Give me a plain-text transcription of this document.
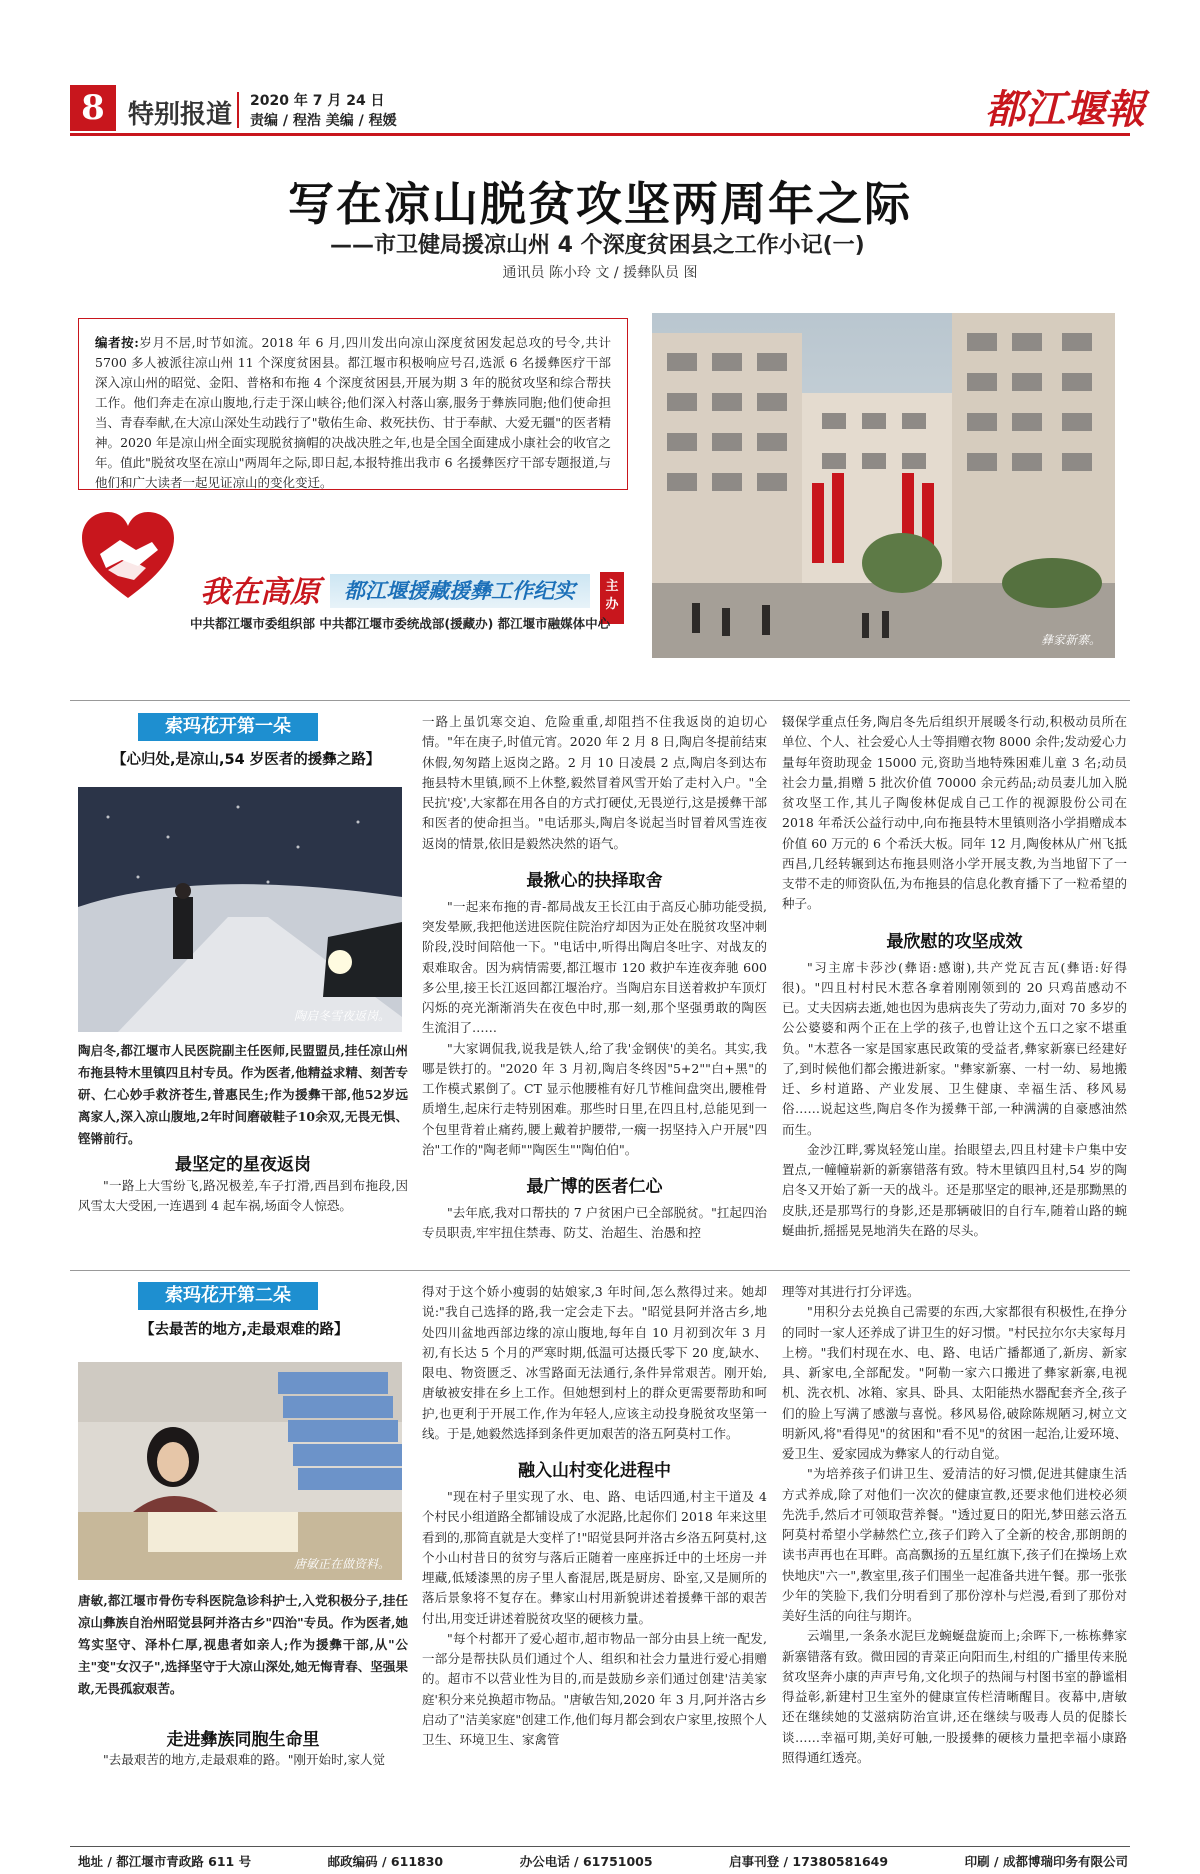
8 特别报道 2020 年 7 月 24 日
责编 / 程浩 美编 / 程媛	都江堰報
写在凉山脱贫攻坚两周年之际
——市卫健局援凉山州 4 个深度贫困县之工作小记(一)
通讯员 陈小玲 文 / 援彝队员 图
编者按:岁月不居,时节如流。2018 年 6 月,四川发出向凉山深度贫困发起总攻的号令,共计 5700 多人被派往凉山州 11 个深度贫困县。都江堰市积极响应号召,选派 6 名援彝医疗干部深入凉山州的昭觉、金阳、普格和布拖 4 个深度贫困县,开展为期 3 年的脱贫攻坚和综合帮扶工作。他们奔走在凉山腹地,行走于深山峡谷;他们深入村落山寨,服务于彝族同胞;他们使命担当、青春奉献,在大凉山深处生动践行了"敬佑生命、救死扶伤、甘于奉献、大爱无疆"的医者精神。2020 年是凉山州全面实现脱贫摘帽的决战决胜之年,也是全国全面建成小康社会的收官之年。值此"脱贫攻坚在凉山"两周年之际,即日起,本报特推出我市 6 名援彝医疗干部专题报道,与他们和广大读者一起见证凉山的变化变迁。
我在高原	都江堰援藏援彝工作纪实	主办
中共都江堰市委组织部 中共都江堰市委统战部(援藏办) 都江堰市融媒体中心
彝家新寨。
索玛花开第一朵
【心归处,是凉山,54 岁医者的援彝之路】
陶启冬雪夜返岗。
陶启冬,都江堰市人民医院副主任医师,民盟盟员,挂任凉山州布拖县特木里镇四且村专员。作为医者,他精益求精、刻苦专研、仁心妙手救济苍生,普惠民生;作为援彝干部,他52岁远离家人,深入凉山腹地,2年时间磨破鞋子10余双,无畏无惧、铿锵前行。
最坚定的星夜返岗

"一路上大雪纷飞,路况极差,车子打滑,西昌到布拖段,因风雪太大受困,一连遇到 4 起车祸,场面令人惊恐。

一路上虽饥寒交迫、危险重重,却阻挡不住我返岗的迫切心情。"年在庚子,时值元宵。2020 年 2 月 8 日,陶启冬提前结束休假,匆匆踏上返岗之路。2 月 10 日凌晨 2 点,陶启冬到达布拖县特木里镇,顾不上休整,毅然冒着风雪开始了走村入户。"全民抗'疫',大家都在用各自的方式打硬仗,无畏逆行,这是援彝干部和医者的使命担当。"电话那头,陶启冬说起当时冒着风雪连夜返岗的情景,依旧是毅然决然的语气。

最揪心的抉择取舍

"一起来布拖的青-都局战友王长江由于高反心肺功能受损,突发晕厥,我把他送进医院住院治疗却因为正处在脱贫攻坚冲刺阶段,没时间陪他一下。"电话中,听得出陶启冬吐字、对战友的艰难取舍。因为病情需要,都江堰市 120 救护车连夜奔驰 600 多公里,接王长江返回都江堰治疗。当陶启东目送着救护车顶灯闪烁的亮光渐渐消失在夜色中时,那一刻,那个坚强勇敢的陶医生流泪了……

"大家调侃我,说我是铁人,给了我'金钢侠'的美名。其实,我哪是铁打的。"2020 年 3 月初,陶启冬终因"5+2""白+黑"的工作模式累倒了。CT 显示他腰椎有好几节椎间盘突出,腰椎骨质增生,起床行走特别困难。那些时日里,在四且村,总能见到一个包里背着止痛药,腰上戴着护腰带,一瘸一拐坚持入户开展"四治"工作的"陶老师""陶医生""陶伯伯"。

最广博的医者仁心

"去年底,我对口帮扶的 7 户贫困户已全部脱贫。"扛起四治专员职责,牢牢扭住禁毒、防艾、治超生、治愚和控

辍保学重点任务,陶启冬先后组织开展暖冬行动,积极动员所在单位、个人、社会爱心人士等捐赠衣物 8000 余件;发动爱心力量每年资助现金 15000 元,资助当地特殊困难儿童 3 名;动员社会力量,捐赠 5 批次价值 70000 余元药品;动员妻儿加入脱贫攻坚工作,其儿子陶俊林促成自己工作的视源股份公司在 2018 年希沃公益行动中,向布拖县特木里镇则洛小学捐赠成本价值 60 万元的 6 个希沃大板。同年 12 月,陶俊林从广州飞抵西昌,几经转辗到达布拖县则洛小学开展支教,为当地留下了一支带不走的师资队伍,为布拖县的信息化教育播下了一粒希望的种子。

最欣慰的攻坚成效

"习主席卡莎沙(彝语:感谢),共产党瓦吉瓦(彝语:好得很)。"四且村村民木惹各拿着刚刚领到的 20 只鸡苗感动不已。丈夫因病去逝,她也因为患病丧失了劳动力,面对 70 多岁的公公婆婆和两个正在上学的孩子,也曾让这个五口之家不堪重负。"木惹各一家是国家惠民政策的受益者,彝家新寨已经建好了,到时候他们都会搬进新家。"彝家新寨、一村一幼、易地搬迁、乡村道路、产业发展、卫生健康、幸福生活、移风易俗……说起这些,陶启冬作为援彝干部,一种满满的自豪感油然而生。

金沙江畔,雾岚轻笼山崖。抬眼望去,四且村建卡户集中安置点,一幢幢崭新的新寨错落有致。特木里镇四且村,54 岁的陶启冬又开始了新一天的战斗。还是那坚定的眼神,还是那黝黑的皮肤,还是那骂行的身影,还是那辆破旧的自行车,随着山路的蜿蜒曲折,摇摇晃晃地消失在路的尽头。

索玛花开第二朵
【去最苦的地方,走最艰难的路】
唐敏正在做资料。
唐敏,都江堰市骨伤专科医院急诊科护士,入党积极分子,挂任凉山彝族自治州昭觉县阿并洛古乡"四治"专员。作为医者,她笃实坚守、泽朴仁厚,视患者如亲人;作为援彝干部,从"公主"变"女汉子",选择坚守于大凉山深处,她无悔青春、坚强果敢,无畏孤寂艰苦。
走进彝族同胞生命里

"去最艰苦的地方,走最艰难的路。"刚开始时,家人觉

得对于这个娇小瘦弱的姑娘家,3 年时间,怎么熬得过来。她却说:"我自己选择的路,我一定会走下去。"昭觉县阿并洛古乡,地处四川盆地西部边缘的凉山腹地,每年自 10 月初到次年 3 月初,有长达 5 个月的严寒时期,低温可达摄氏零下 20 度,缺水、限电、物资匮乏、冰雪路面无法通行,条件异常艰苦。刚开始,唐敏被安排在乡上工作。但她想到村上的群众更需要帮助和呵护,也更利于开展工作,作为年轻人,应该主动投身脱贫攻坚第一线。于是,她毅然选择到条件更加艰苦的洛五阿莫村工作。

融入山村变化进程中

"现在村子里实现了水、电、路、电话四通,村主干道及 4 个村民小组道路全都铺设成了水泥路,比起你们 2018 年来这里看到的,那简直就是大变样了!"昭觉县阿并洛古乡洛五阿莫村,这个小山村昔日的贫穷与落后正随着一座座拆迁中的土坯房一并埋藏,低矮漆黑的房子里人畜混居,既是厨房、卧室,又是厕所的落后景象将不复存在。彝家山村用新貌讲述着援彝干部的艰苦付出,用变迁讲述着脱贫攻坚的硬核力量。

"每个村都开了爱心超市,超市物品一部分由县上统一配发,一部分是帮扶队员们通过个人、组织和社会力量进行爱心捐赠的。超市不以营业性为目的,而是鼓励乡亲们通过创建'洁美家庭'积分来兑换超市物品。"唐敏告知,2020 年 3 月,阿并洛古乡启动了"洁美家庭"创建工作,他们每月都会到农户家里,按照个人卫生、环境卫生、家禽管

理等对其进行打分评选。

"用积分去兑换自己需要的东西,大家都很有积极性,在挣分的同时一家人还养成了讲卫生的好习惯。"村民拉尔尔夫家每月上榜。"我们村现在水、电、路、电话广播都通了,新房、新家具、新家电,全部配发。"阿勒一家六口搬进了彝家新寨,电视机、洗衣机、冰箱、家具、卧具、太阳能热水器配套齐全,孩子们的脸上写满了感激与喜悦。移风易俗,破除陈规陋习,树立文明新风,将"看得见"的贫困和"看不见"的贫困一起治,让爱环境、爱卫生、爱家园成为彝家人的行动自觉。

"为培养孩子们讲卫生、爱清洁的好习惯,促进其健康生活方式养成,除了对他们一次次的健康宣教,还要求他们进校必须先洗手,然后才可领取营养餐。"透过夏日的阳光,梦田慈云洛五阿莫村希望小学赫然伫立,孩子们跨入了全新的校舍,那朗朗的读书声再也在耳畔。高高飘扬的五星红旗下,孩子们在操场上欢快地庆"六一",教室里,孩子们围坐一起准备共进午餐。那一张张少年的笑脸下,我们分明看到了那份淳朴与烂漫,看到了那份对美好生活的向往与期许。

云端里,一条条水泥巨龙蜿蜒盘旋而上;余晖下,一栋栋彝家新寨错落有致。微田园的青菜正向阳而生,村组的广播里传来脱贫攻坚奔小康的声声号角,文化坝子的热闹与村图书室的静谧相得益彰,新建村卫生室外的健康宣传栏清晰醒目。夜幕中,唐敏还在继续她的艾滋病防治宣讲,还在继续与吸毒人员的促膝长谈……幸福可期,美好可触,一股援彝的硬核力量把幸福小康路照得通红透亮。

地址 / 都江堰市青政路 611 号	邮政编码 / 611830	办公电话 / 61751005	启事刊登 / 17380581649	印刷 / 成都博瑞印务有限公司
